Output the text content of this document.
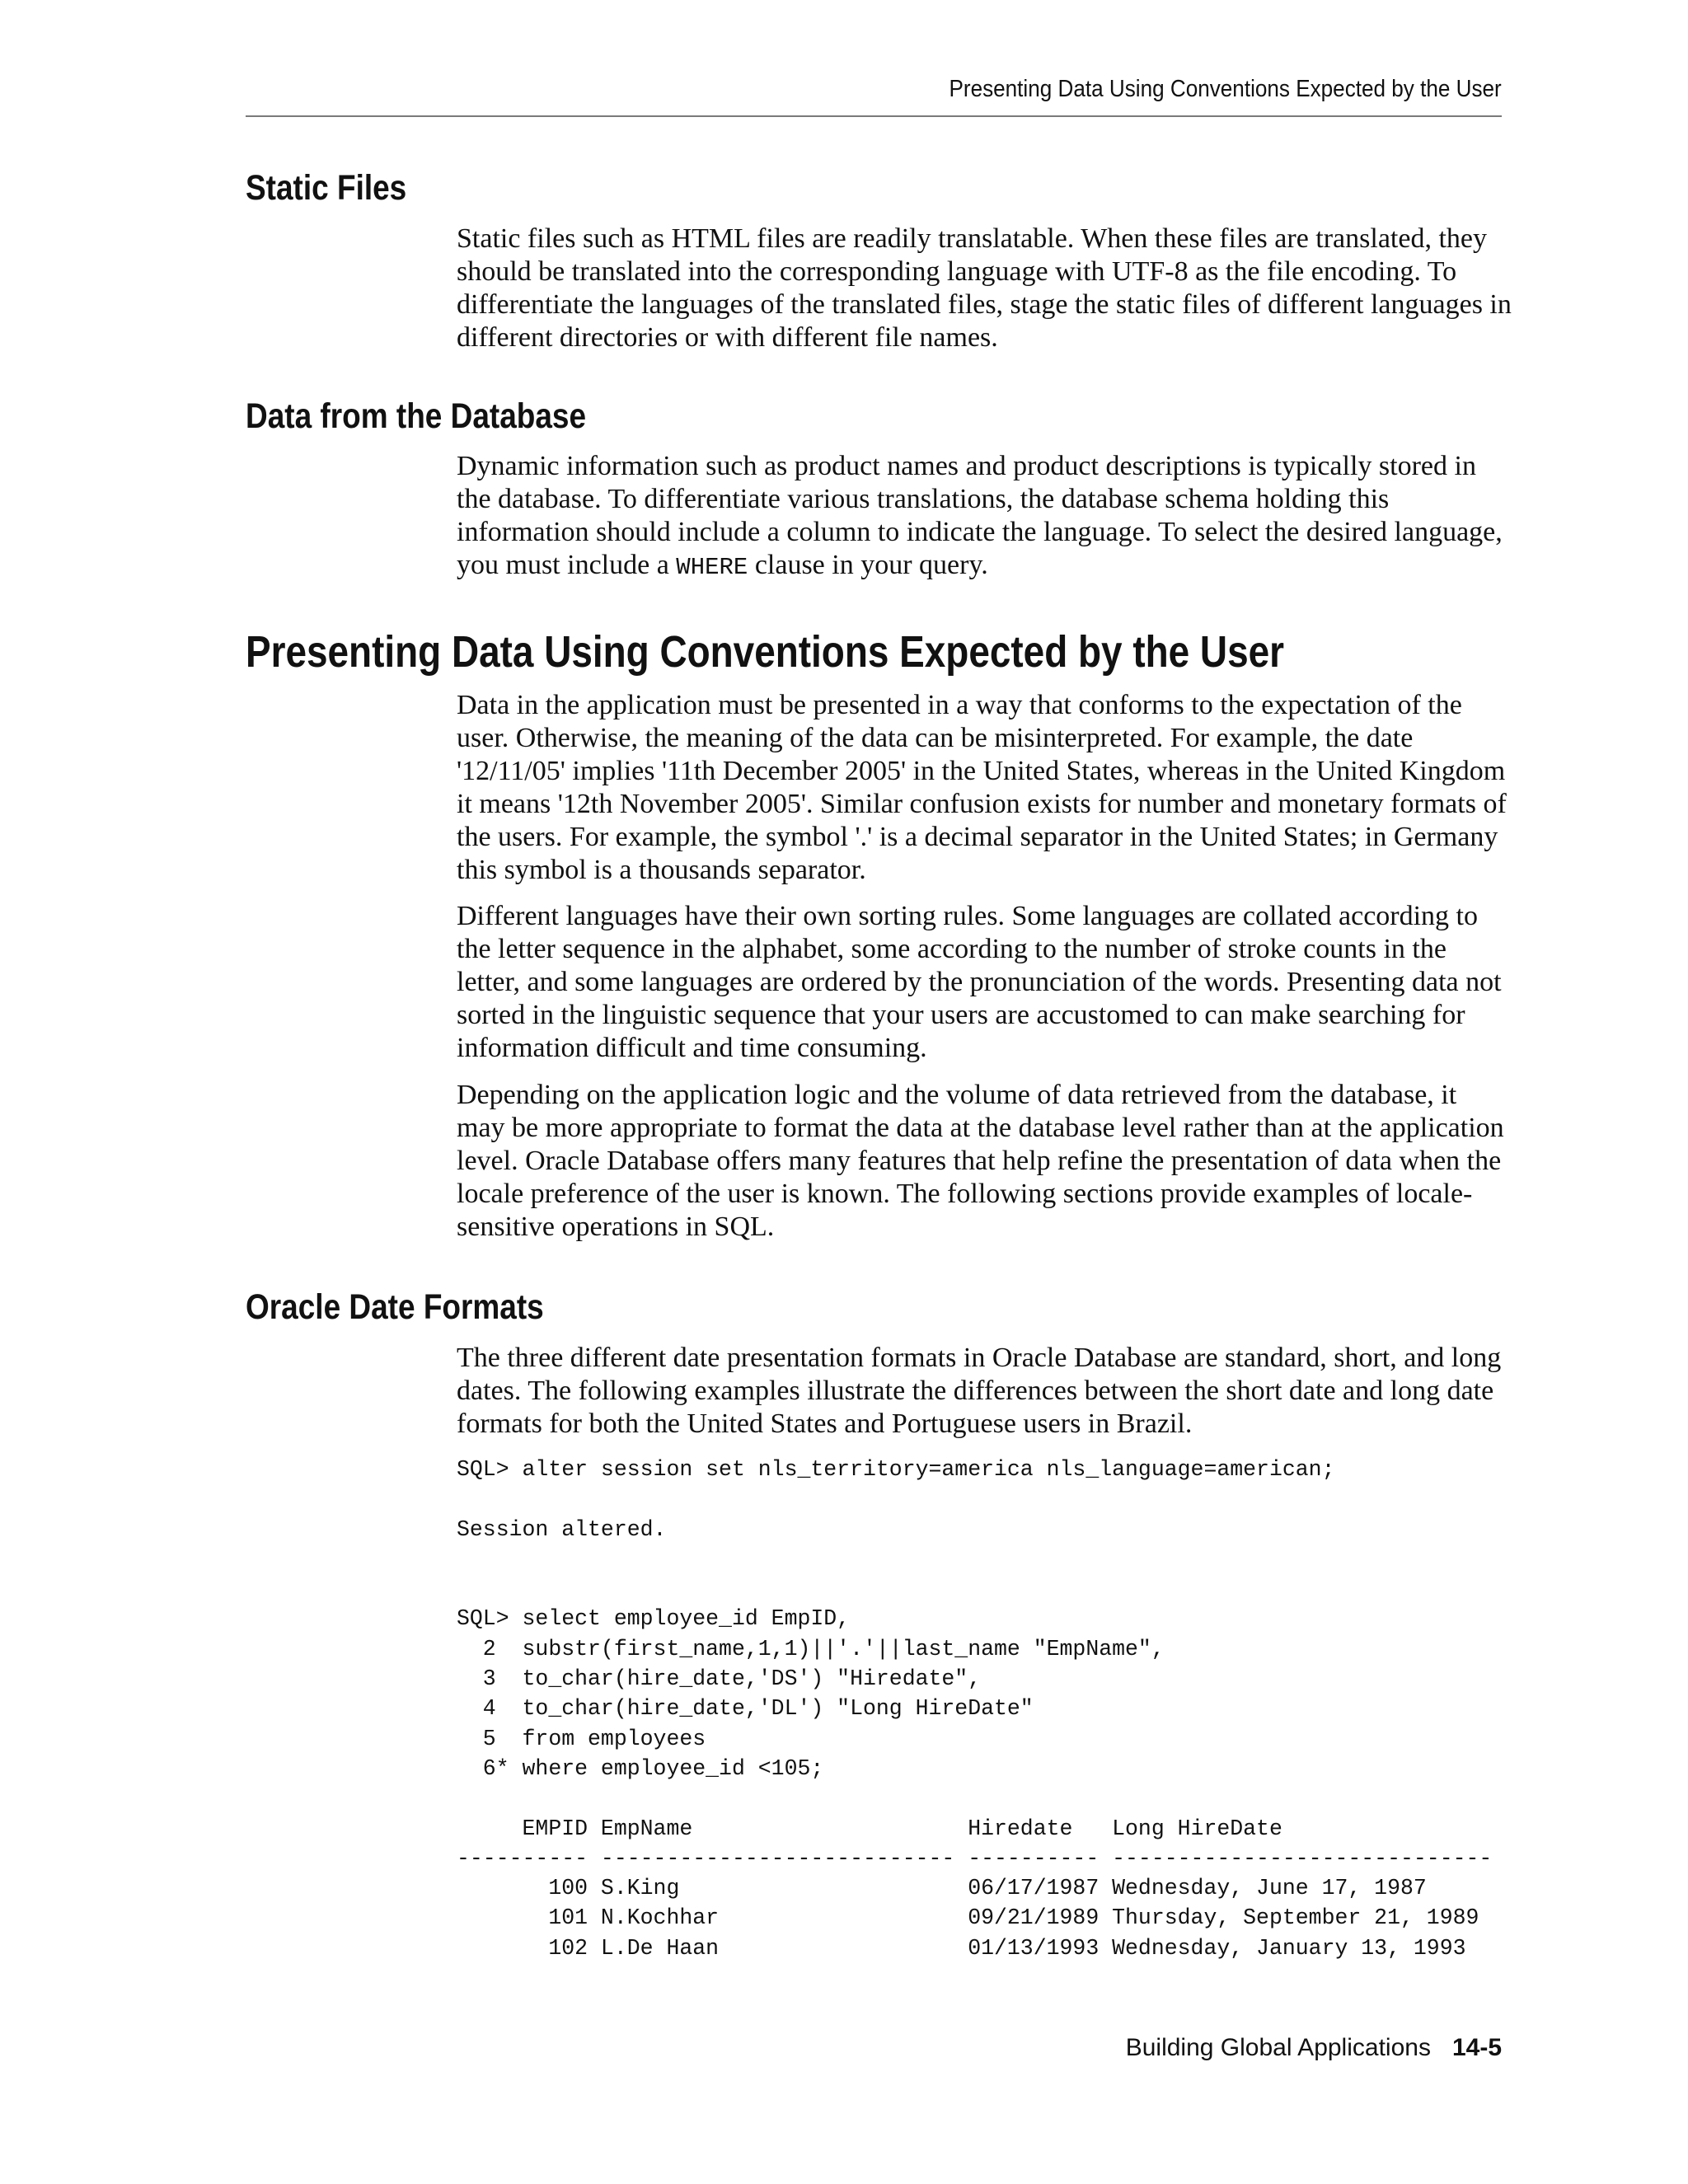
Presenting Data Using Conventions Expected by the User
Static Files

Static files such as HTML files are readily translatable. When these files are translated, they should be translated into the corresponding language with UTF-8 as the file encoding. To differentiate the languages of the translated files, stage the static files of different languages in different directories or with different file names.

Data from the Database

Dynamic information such as product names and product descriptions is typically stored in the database. To differentiate various translations, the database schema holding this information should include a column to indicate the language. To select the desired language, you must include a WHERE clause in your query.

Presenting Data Using Conventions Expected by the User

Data in the application must be presented in a way that conforms to the expectation of the user. Otherwise, the meaning of the data can be misinterpreted. For example, the date '12/11/05' implies '11th December 2005' in the United States, whereas in the United Kingdom it means '12th November 2005'. Similar confusion exists for number and monetary formats of the users. For example, the symbol '.' is a decimal separator in the United States; in Germany this symbol is a thousands separator.

Different languages have their own sorting rules. Some languages are collated according to the letter sequence in the alphabet, some according to the number of stroke counts in the letter, and some languages are ordered by the pronunciation of the words. Presenting data not sorted in the linguistic sequence that your users are accustomed to can make searching for information difficult and time consuming.

Depending on the application logic and the volume of data retrieved from the database, it may be more appropriate to format the data at the database level rather than at the application level. Oracle Database offers many features that help refine the presentation of data when the locale preference of the user is known. The following sections provide examples of locale-sensitive operations in SQL.

Oracle Date Formats

The three different date presentation formats in Oracle Database are standard, short, and long dates. The following examples illustrate the differences between the short date and long date formats for both the United States and Portuguese users in Brazil.

SQL> alter session set nls_territory=america nls_language=american;

Session altered.

SQL> select employee_id EmpID,
2  substr(first_name,1,1)||'.'||last_name "EmpName",
3  to_char(hire_date,'DS') "Hiredate",
4  to_char(hire_date,'DL') "Long HireDate"
5  from employees
6* where employee_id <105;

EMPID EmpName                     Hiredate   Long HireDate
---------- --------------------------- ---------- -----------------------------
100 S.King                      06/17/1987 Wednesday, June 17, 1987
101 N.Kochhar                   09/21/1989 Thursday, September 21, 1989
102 L.De Haan                   01/13/1993 Wednesday, January 13, 1993
Building Global Applications 14-5
